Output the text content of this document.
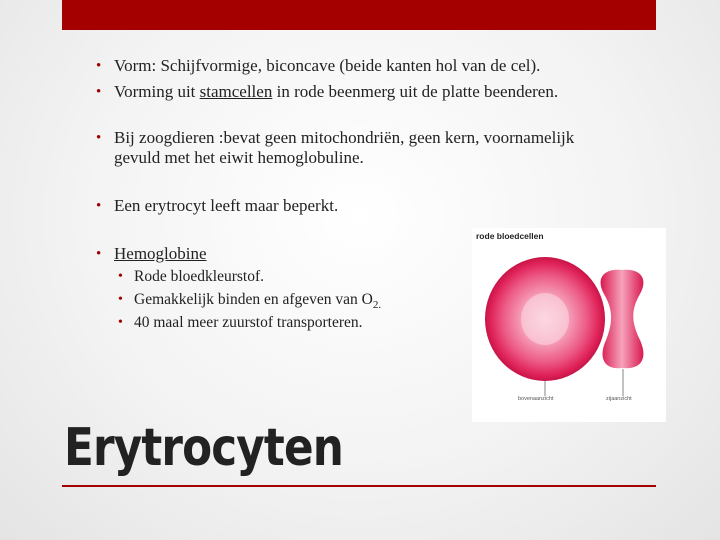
• Vorm: Schijfvormige, biconcave (beide kanten hol van de cel).
• Vorming uit stamcellen in rode beenmerg uit de platte beenderen.
• Bij zoogdieren :bevat geen mitochondriën, geen kern, voornamelijk gevuld met het eiwit hemoglobuline.
• Een erytrocyt leeft maar beperkt.
• Hemoglobine
• Rode bloedkleurstof.
• Gemakkelijk binden en afgeven van $O_{2.}$
• 40 maal meer zuurstof transporteren.
rode bloedcellen
bovenaanzicht	zijaanzicht
Erytrocyten
